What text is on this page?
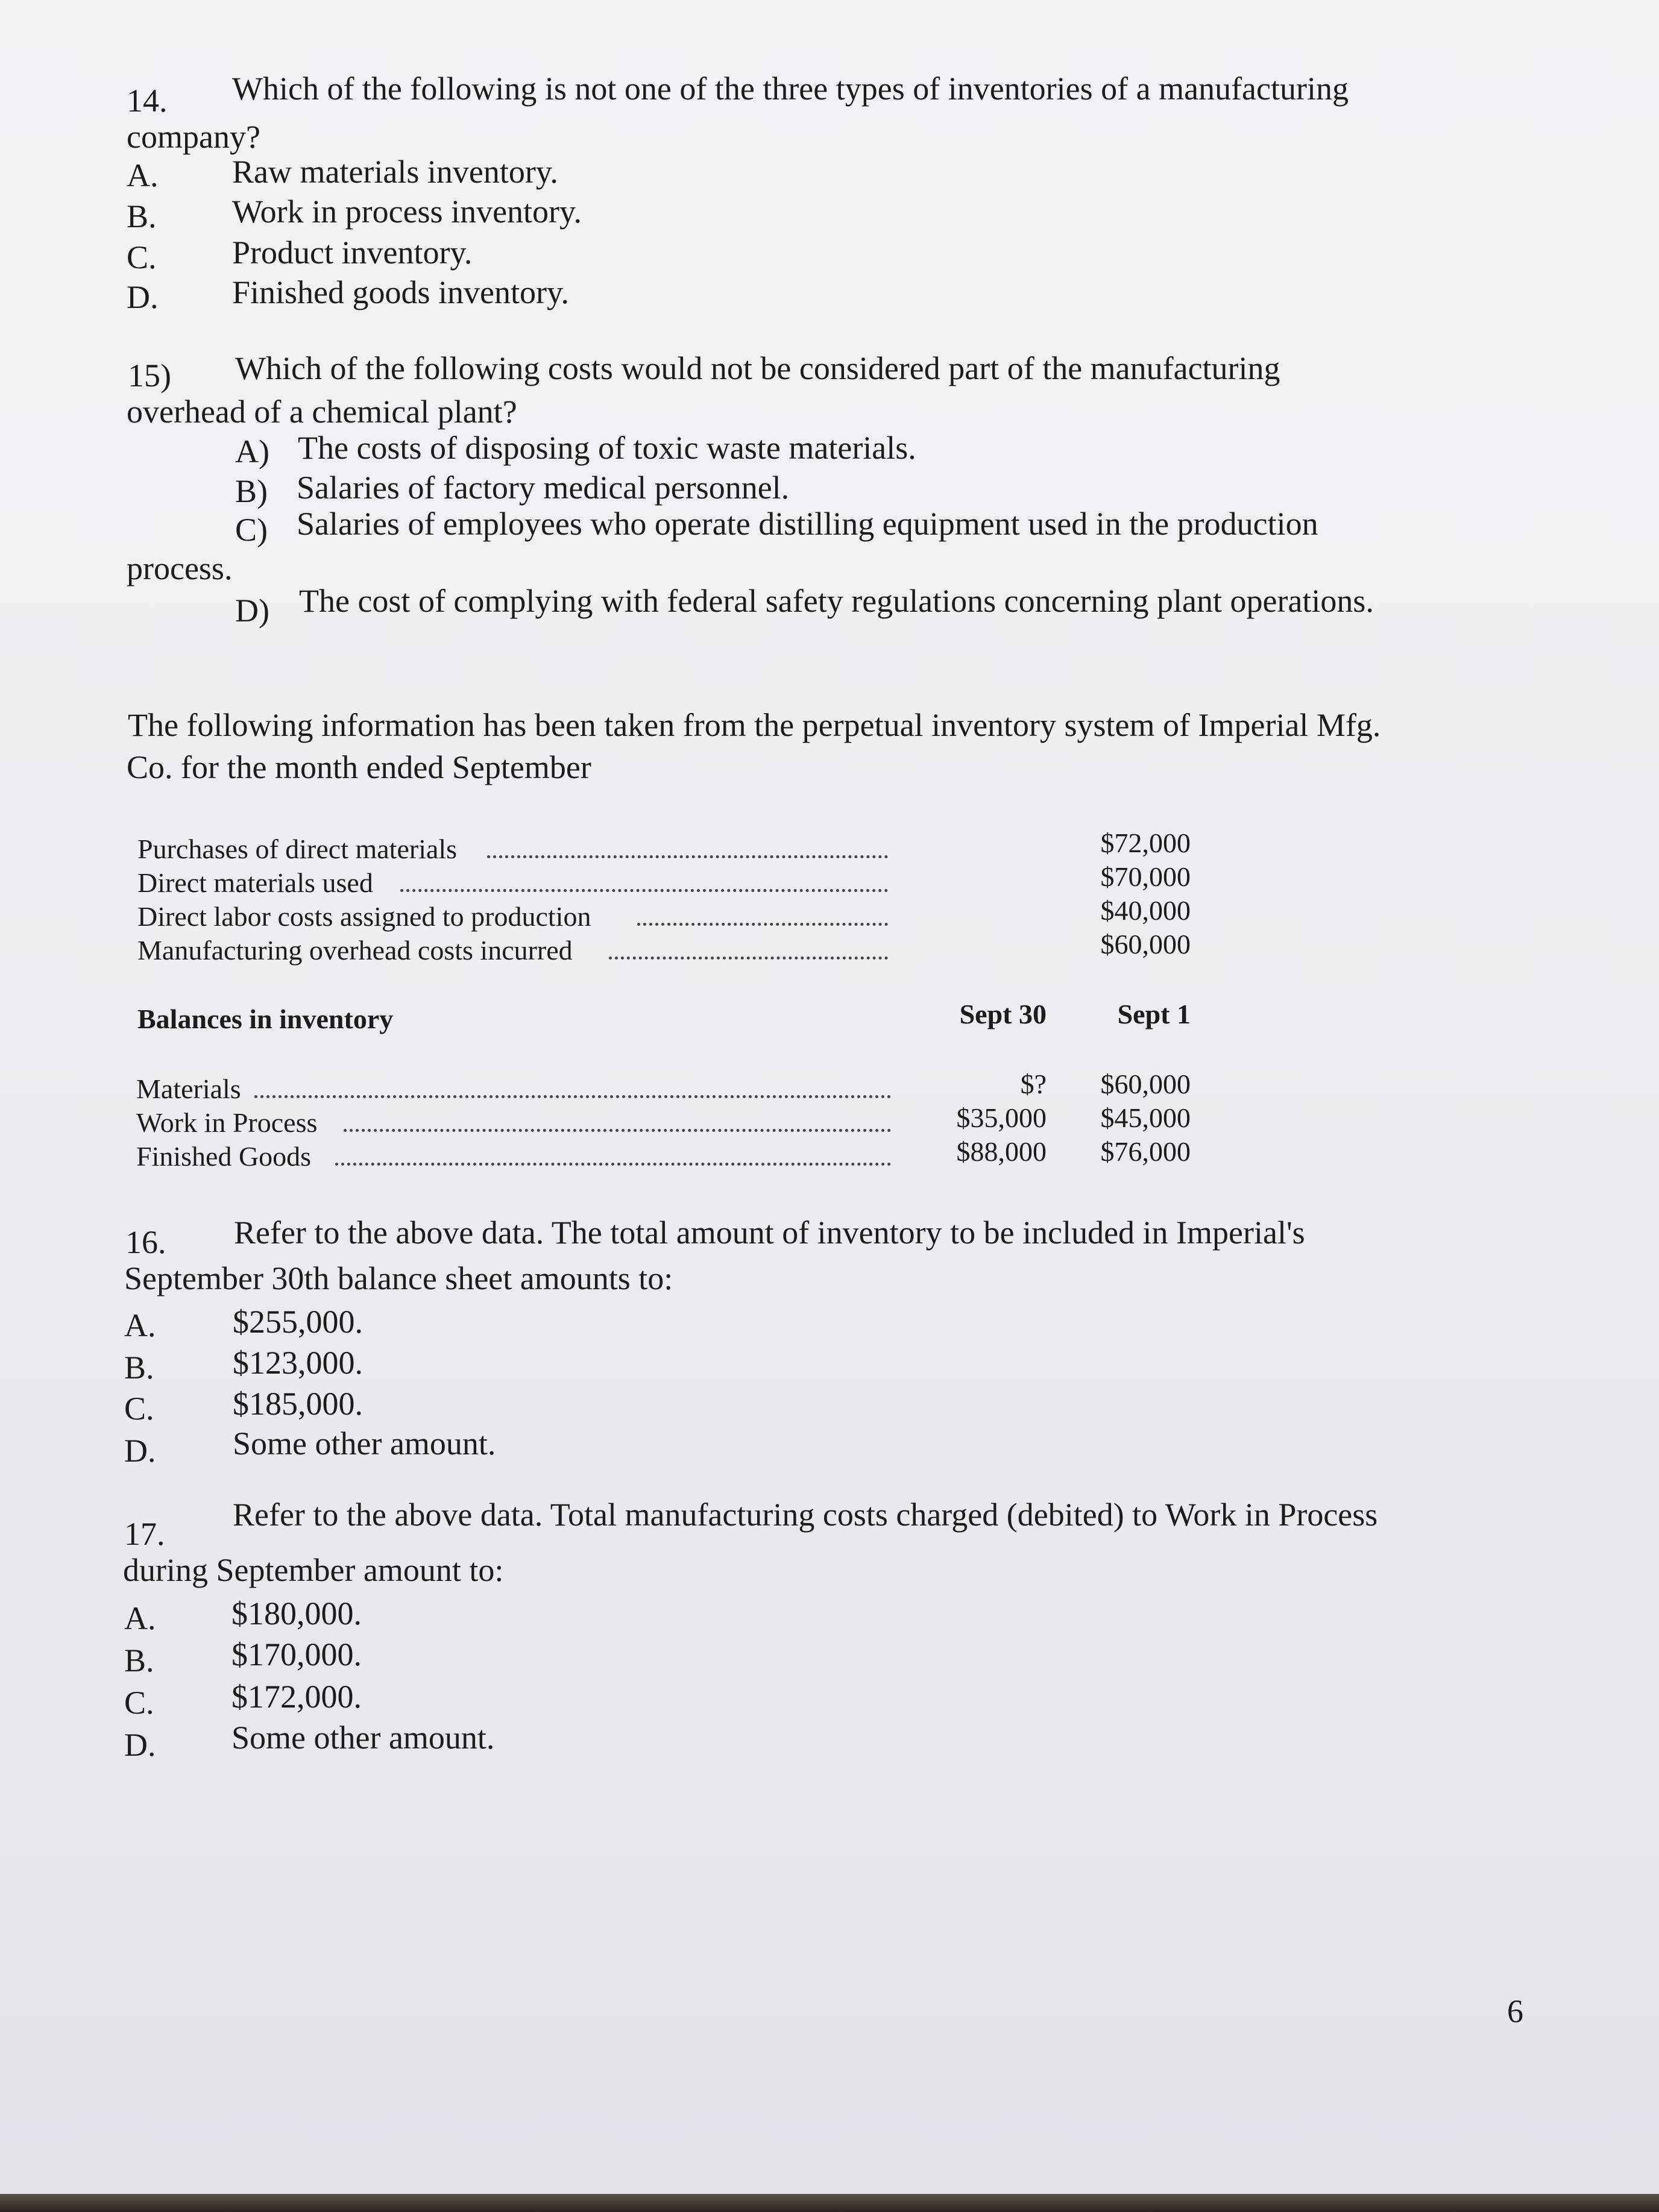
14. Which of the following is not one of the three types of inventories of a manufacturing
company?
A. Raw materials inventory.
B. Work in process inventory.
C. Product inventory.
D. Finished goods inventory.
15) Which of the following costs would not be considered part of the manufacturing
overhead of a chemical plant?
A) The costs of disposing of toxic waste materials.
B) Salaries of factory medical personnel.
C) Salaries of employees who operate distilling equipment used in the production
process.
D) The cost of complying with federal safety regulations concerning plant operations.
The following information has been taken from the perpetual inventory system of Imperial Mfg.
Co. for the month ended September
Purchases of direct materials	$72,000
Direct materials used	$70,000
Direct labor costs assigned to production	$40,000
Manufacturing overhead costs incurred	$60,000
Balances in inventory	Sept 30	Sept 1
Materials	$?	$60,000
Work in Process	$35,000	$45,000
Finished Goods	$88,000	$76,000
16. Refer to the above data. The total amount of inventory to be included in Imperial's
September 30th balance sheet amounts to:
A. $255,000.
B. $123,000.
C. $185,000.
D. Some other amount.
17.
Refer to the above data. Total manufacturing costs charged (debited) to Work in Process
during September amount to:
A. $180,000.
B. $170,000.
C. $172,000.
D. Some other amount.
6
